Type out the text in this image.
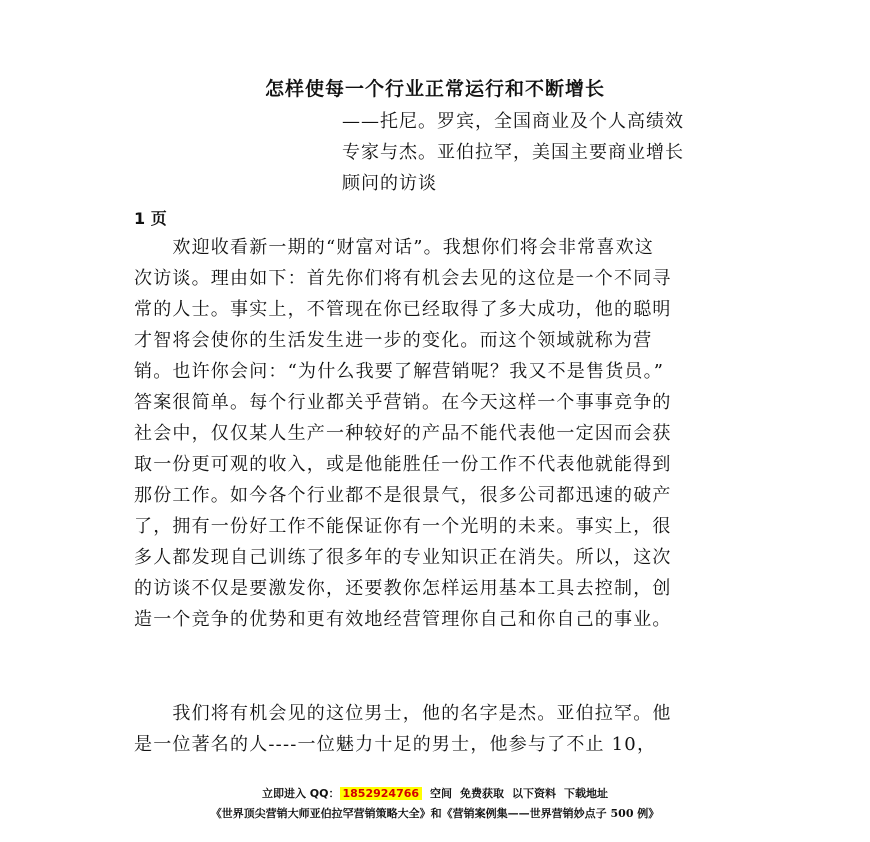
怎样使每一个行业正常运行和不断增长
——托尼。罗宾，全国商业及个人高绩效
专家与杰。亚伯拉罕，美国主要商业增长
顾问的访谈
1 页
　　欢迎收看新一期的“财富对话”。我想你们将会非常喜欢这
次访谈。理由如下：首先你们将有机会去见的这位是一个不同寻
常的人士。事实上，不管现在你已经取得了多大成功，他的聪明
才智将会使你的生活发生进一步的变化。而这个领域就称为营
销。也许你会问：“为什么我要了解营销呢？我又不是售货员。”
答案很简单。每个行业都关乎营销。在今天这样一个事事竞争的
社会中，仅仅某人生产一种较好的产品不能代表他一定因而会获
取一份更可观的收入，或是他能胜任一份工作不代表他就能得到
那份工作。如今各个行业都不是很景气，很多公司都迅速的破产
了，拥有一份好工作不能保证你有一个光明的未来。事实上，很
多人都发现自己训练了很多年的专业知识正在消失。所以，这次
的访谈不仅是要激发你，还要教你怎样运用基本工具去控制，创
造一个竞争的优势和更有效地经营管理你自己和你自己的事业。
　　我们将有机会见的这位男士，他的名字是杰。亚伯拉罕。他
是一位著名的人----一位魅力十足的男士，他参与了不止 10，
立即进入 QQ： 1852924766 空间 免费获取 以下资料 下载地址
《世界顶尖营销大师亚伯拉罕营销策略大全》和《营销案例集——世界营销妙点子 500 例》
